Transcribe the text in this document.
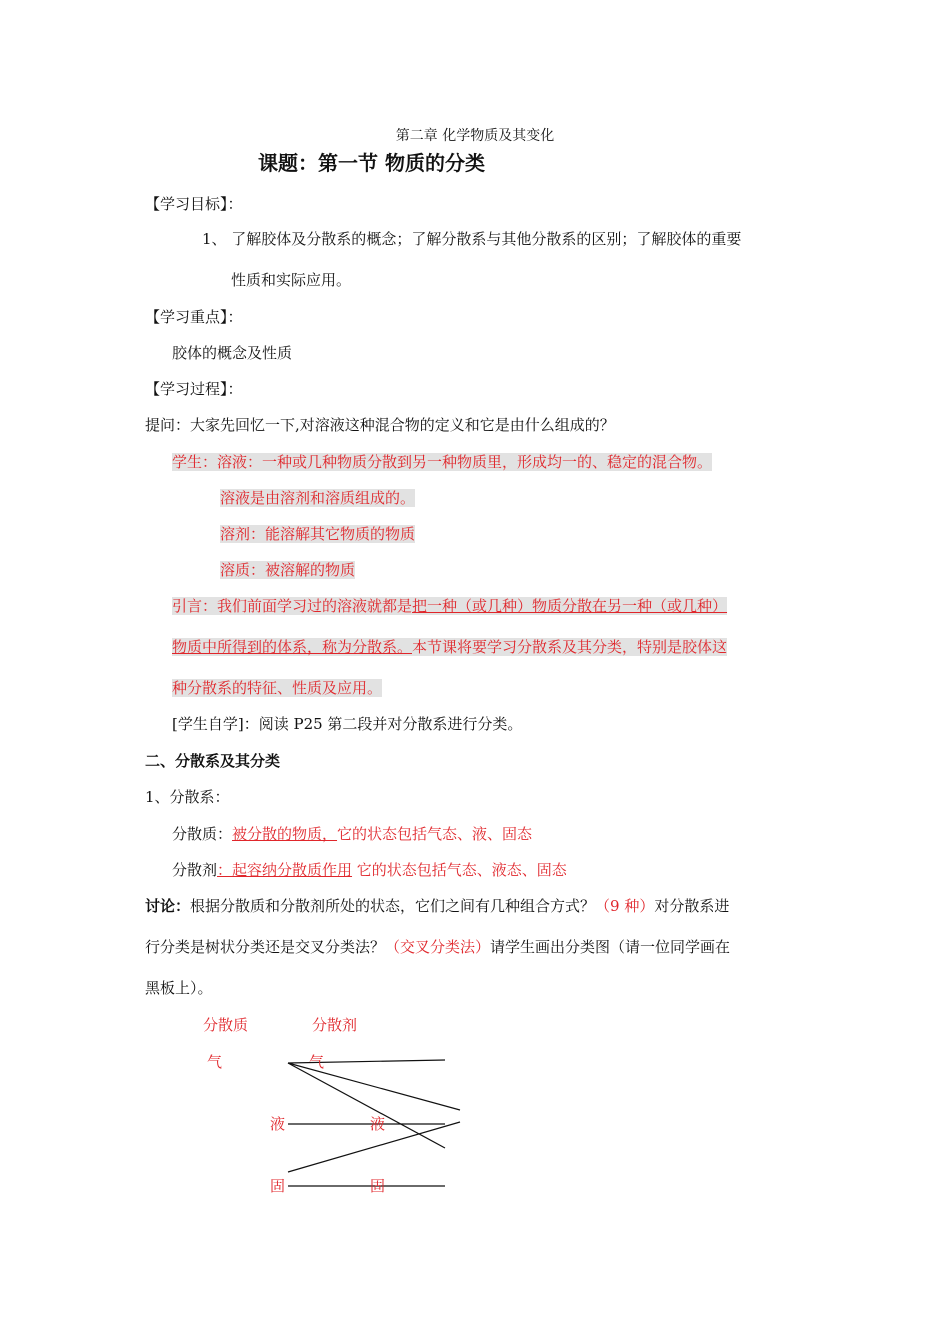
第二章 化学物质及其变化
课题：第一节 物质的分类
【学习目标】：
1、 了解胶体及分散系的概念；了解分散系与其他分散系的区别；了解胶体的重要
性质和实际应用。
【学习重点】：
胶体的概念及性质
【学习过程】：
提问：大家先回忆一下,对溶液这种混合物的定义和它是由什么组成的？
学生：溶液：一种或几种物质分散到另一种物质里，形成均一的、稳定的混合物。
溶液是由溶剂和溶质组成的。
溶剂：能溶解其它物质的物质
溶质：被溶解的物质
引言：我们前面学习过的溶液就都是把一种（或几种）物质分散在另一种（或几种）
物质中所得到的体系，称为分散系。本节课将要学习分散系及其分类，特别是胶体这
种分散系的特征、性质及应用。
[学生自学]：阅读 P25 第二段并对分散系进行分类。
二、分散系及其分类
1、分散系：
分散质：被分散的物质，它的状态包括气态、液、固态
分散剂：起容纳分散质作用 它的状态包括气态、液态、固态
讨论：根据分散质和分散剂所处的状态，它们之间有几种组合方式？（9 种）对分散系进
行分类是树状分类还是交叉分类法？（交叉分类法）请学生画出分类图（请一位同学画在
黑板上）。
分散质	分散剂
气	气
液	液
固	固
